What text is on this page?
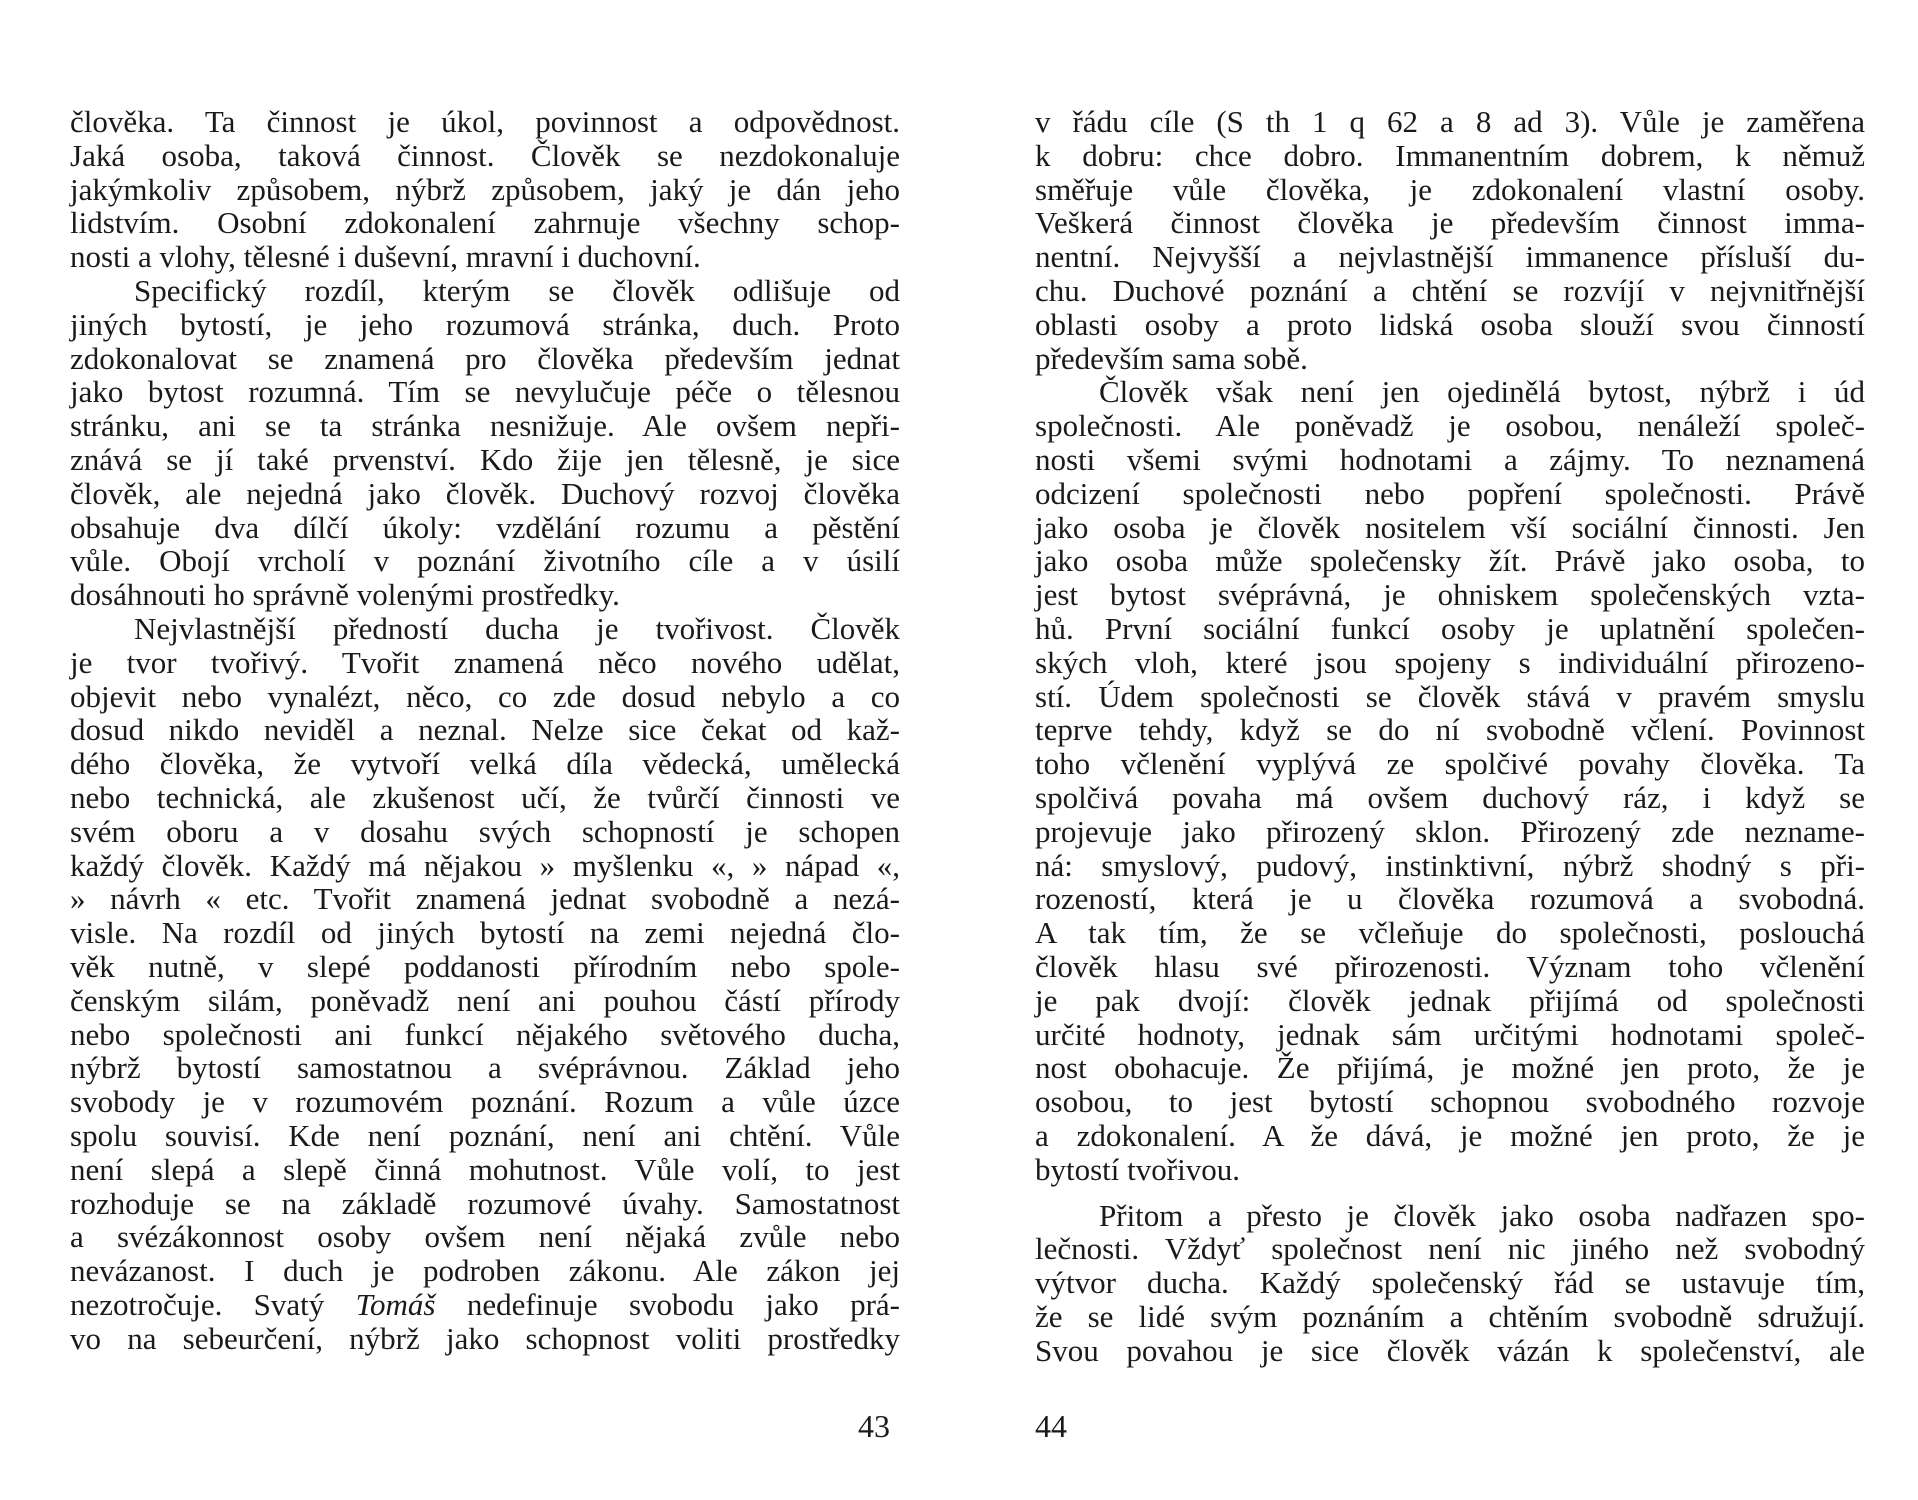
člověka. Ta činnost je úkol, povinnost a odpovědnost.

Jaká osoba, taková činnost. Člověk se nezdokonaluje

jakýmkoliv způsobem, nýbrž způsobem, jaký je dán jeho

lidstvím. Osobní zdokonalení zahrnuje všechny schop-

nosti a vlohy, tělesné i duševní, mravní i duchovní.

Specifický rozdíl, kterým se člověk odlišuje od

jiných bytostí, je jeho rozumová stránka, duch. Proto

zdokonalovat se znamená pro člověka především jednat

jako bytost rozumná. Tím se nevylučuje péče o tělesnou

stránku, ani se ta stránka nesnižuje. Ale ovšem nepři-

znává se jí také prvenství. Kdo žije jen tělesně, je sice

člověk, ale nejedná jako člověk. Duchový rozvoj člověka

obsahuje dva dílčí úkoly: vzdělání rozumu a pěstění

vůle. Obojí vrcholí v poznání životního cíle a v úsilí

dosáhnouti ho správně volenými prostředky.

Nejvlastnější předností ducha je tvořivost. Člověk

je tvor tvořivý. Tvořit znamená něco nového udělat,

objevit nebo vynalézt, něco, co zde dosud nebylo a co

dosud nikdo neviděl a neznal. Nelze sice čekat od kaž-

dého člověka, že vytvoří velká díla vědecká, umělecká

nebo technická, ale zkušenost učí, že tvůrčí činnosti ve

svém oboru a v dosahu svých schopností je schopen

každý člověk. Každý má nějakou » myšlenku «, » nápad «,

» návrh « etc. Tvořit znamená jednat svobodně a nezá-

visle. Na rozdíl od jiných bytostí na zemi nejedná člo-

věk nutně, v slepé poddanosti přírodním nebo spole-

čenským silám, poněvadž není ani pouhou částí přírody

nebo společnosti ani funkcí nějakého světového ducha,

nýbrž bytostí samostatnou a svéprávnou. Základ jeho

svobody je v rozumovém poznání. Rozum a vůle úzce

spolu souvisí. Kde není poznání, není ani chtění. Vůle

není slepá a slepě činná mohutnost. Vůle volí, to jest

rozhoduje se na základě rozumové úvahy. Samostatnost

a svézákonnost osoby ovšem není nějaká zvůle nebo

nevázanost. I duch je podroben zákonu. Ale zákon jej

nezotročuje. Svatý Tomáš nedefinuje svobodu jako prá-

vo na sebeurčení, nýbrž jako schopnost voliti prostředky

v řádu cíle (S th 1 q 62 a 8 ad 3). Vůle je zaměřena

k dobru: chce dobro. Immanentním dobrem, k němuž

směřuje vůle člověka, je zdokonalení vlastní osoby.

Veškerá činnost člověka je především činnost imma-

nentní. Nejvyšší a nejvlastnější immanence přísluší du-

chu. Duchové poznání a chtění se rozvíjí v nejvnitřnější

oblasti osoby a proto lidská osoba slouží svou činností

především sama sobě.

Člověk však není jen ojedinělá bytost, nýbrž i úd

společnosti. Ale poněvadž je osobou, nenáleží společ-

nosti všemi svými hodnotami a zájmy. To neznamená

odcizení společnosti nebo popření společnosti. Právě

jako osoba je člověk nositelem vší sociální činnosti. Jen

jako osoba může společensky žít. Právě jako osoba, to

jest bytost svéprávná, je ohniskem společenských vzta-

hů. První sociální funkcí osoby je uplatnění společen-

ských vloh, které jsou spojeny s individuální přirozeno-

stí. Údem společnosti se člověk stává v pravém smyslu

teprve tehdy, když se do ní svobodně včlení. Povinnost

toho včlenění vyplývá ze spolčivé povahy člověka. Ta

spolčivá povaha má ovšem duchový ráz, i když se

projevuje jako přirozený sklon. Přirozený zde neznamе-

ná: smyslový, pudový, instinktivní, nýbrž shodný s při-

rozeností, která je u člověka rozumová a svobodná.

A tak tím, že se včleňuje do společnosti, poslouchá

člověk hlasu své přirozenosti. Význam toho včlenění

je pak dvojí: člověk jednak přijímá od společnosti

určité hodnoty, jednak sám určitými hodnotami společ-

nost obohacuje. Že přijímá, je možné jen proto, že je

osobou, to jest bytostí schopnou svobodného rozvoje

a zdokonalení. A že dává, je možné jen proto, že je

bytostí tvořivou.

Přitom a přesto je člověk jako osoba nadřazen spo-

lečnosti. Vždyť společnost není nic jiného než svobodný

výtvor ducha. Každý společenský řád se ustavuje tím,

že se lidé svým poznáním a chtěním svobodně sdružují.

Svou povahou je sice člověk vázán k společenství, ale

43	44
